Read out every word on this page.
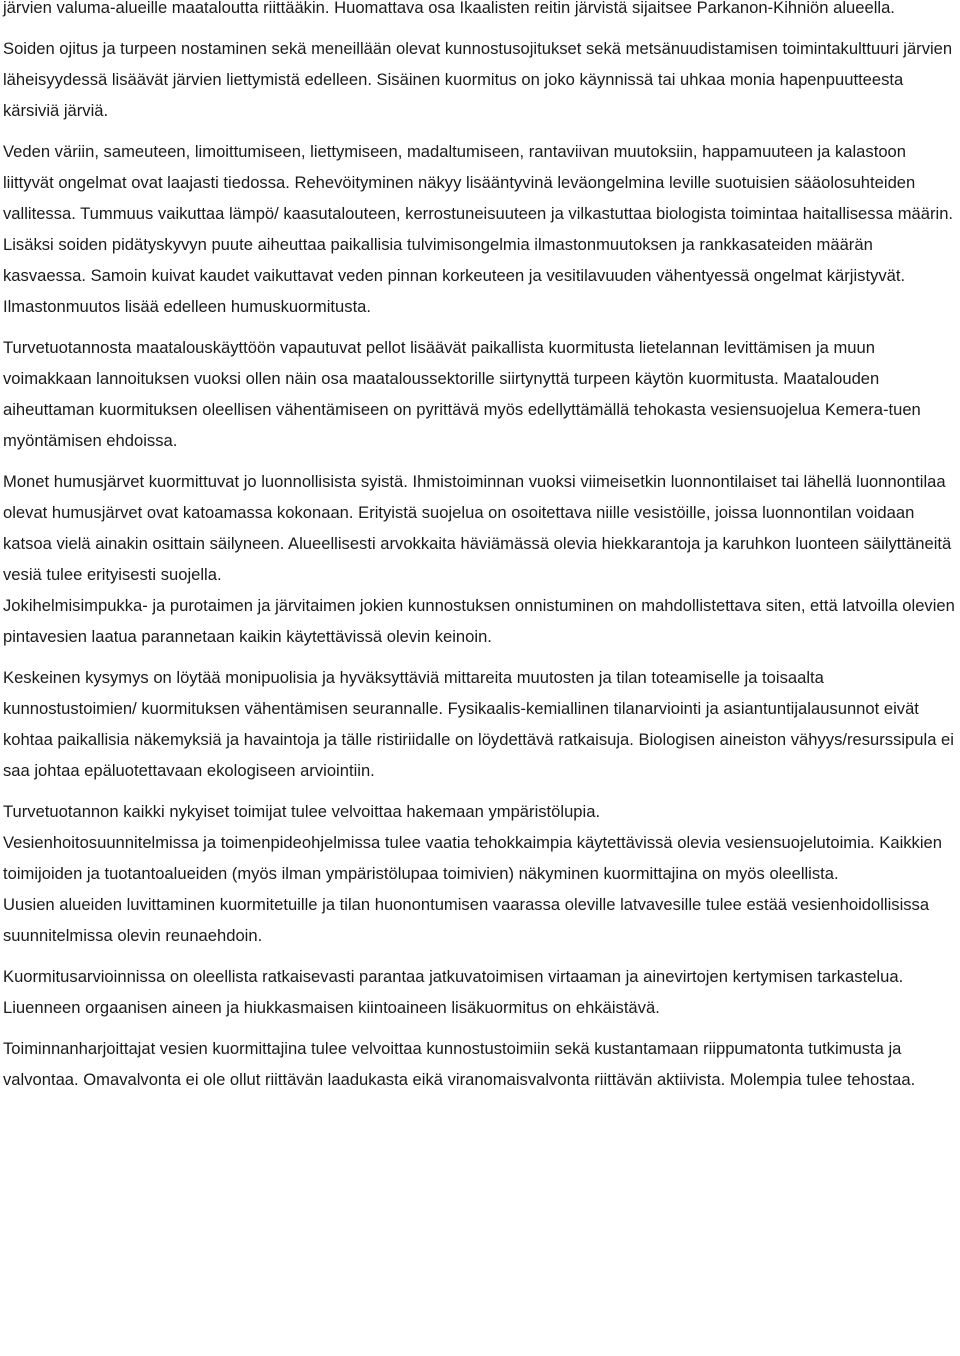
järvien valuma-alueille maataloutta riittääkin. Huomattava osa Ikaalisten reitin järvistä sijaitsee Parkanon-Kihniön alueella.

Soiden ojitus ja turpeen nostaminen sekä meneillään olevat kunnostusojitukset sekä metsänuudistamisen toimintakulttuuri järvien läheisyydessä lisäävät järvien liettymistä edelleen. Sisäinen kuormitus on joko käynnissä tai uhkaa monia hapenpuutteesta kärsiviä järviä.

Veden väriin, sameuteen, limoittumiseen, liettymiseen, madaltumiseen, rantaviivan muutoksiin, happamuuteen ja kalastoon liittyvät ongelmat ovat laajasti tiedossa. Rehevöityminen näkyy lisääntyvinä leväongelmina leville suotuisien sääolosuhteiden vallitessa. Tummuus vaikuttaa lämpö/ kaasutalouteen, kerrostuneisuuteen ja vilkastuttaa biologista toimintaa haitallisessa määrin. Lisäksi soiden pidätyskyvyn puute aiheuttaa paikallisia tulvimisongelmia ilmastonmuutoksen ja rankkasateiden määrän kasvaessa. Samoin kuivat kaudet vaikuttavat veden pinnan korkeuteen ja vesitilavuuden vähentyessä ongelmat kärjistyvät. Ilmastonmuutos lisää edelleen humuskuormitusta.

Turvetuotannosta maatalouskäyttöön vapautuvat pellot lisäävät paikallista kuormitusta lietelannan levittämisen ja muun voimakkaan lannoituksen vuoksi ollen näin osa maataloussektorille siirtynyttä turpeen käytön kuormitusta. Maatalouden aiheuttaman kuormituksen oleellisen vähentämiseen on pyrittävä myös edellyttämällä tehokasta vesiensuojelua Kemera-tuen myöntämisen ehdoissa.

Monet humusjärvet kuormittuvat jo luonnollisista syistä. Ihmistoiminnan vuoksi viimeisetkin luonnontilaiset tai lähellä luonnontilaa olevat humusjärvet ovat katoamassa kokonaan. Erityistä suojelua on osoitettava niille vesistöille, joissa luonnontilan voidaan katsoa vielä ainakin osittain säilyneen. Alueellisesti arvokkaita häviämässä olevia hiekkarantoja ja karuhkon luonteen säilyttäneitä vesiä tulee erityisesti suojella.

Jokihelmisimpukka- ja purotaimen ja järvitaimen jokien kunnostuksen onnistuminen on mahdollistettava siten, että latvoilla olevien pintavesien laatua parannetaan kaikin käytettävissä olevin keinoin.

Keskeinen kysymys on löytää monipuolisia ja hyväksyttäviä mittareita muutosten ja tilan toteamiselle ja toisaalta kunnostustoimien/ kuormituksen vähentämisen seurannalle. Fysikaalis-kemiallinen tilanarviointi ja asiantuntijalausunnot eivät kohtaa paikallisia näkemyksiä ja havaintoja ja tälle ristiriidalle on löydettävä ratkaisuja. Biologisen aineiston vähyys/resurssipula ei saa johtaa epäluotettavaan ekologiseen arviointiin.

Turvetuotannon kaikki nykyiset toimijat tulee velvoittaa hakemaan ympäristölupia.

Vesienhoitosuunnitelmissa ja toimenpideohjelmissa tulee vaatia tehokkaimpia käytettävissä olevia vesiensuojelutoimia. Kaikkien toimijoiden ja tuotantoalueiden (myös ilman ympäristölupaa toimivien) näkyminen kuormittajina on myös oleellista.

Uusien alueiden luvittaminen kuormitetuille ja tilan huonontumisen vaarassa oleville latvavesille tulee estää vesienhoidollisissa suunnitelmissa olevin reunaehdoin.

Kuormitusarvioinnissa on oleellista ratkaisevasti parantaa jatkuvatoimisen virtaaman ja ainevirtojen kertymisen tarkastelua. Liuenneen orgaanisen aineen ja hiukkasmaisen kiintoaineen lisäkuormitus on ehkäistävä.

Toiminnanharjoittajat vesien kuormittajina tulee velvoittaa kunnostustoimiin sekä kustantamaan riippumatonta tutkimusta ja valvontaa. Omavalvonta ei ole ollut riittävän laadukasta eikä viranomaisvalvonta riittävän aktiivista. Molempia tulee tehostaa.
